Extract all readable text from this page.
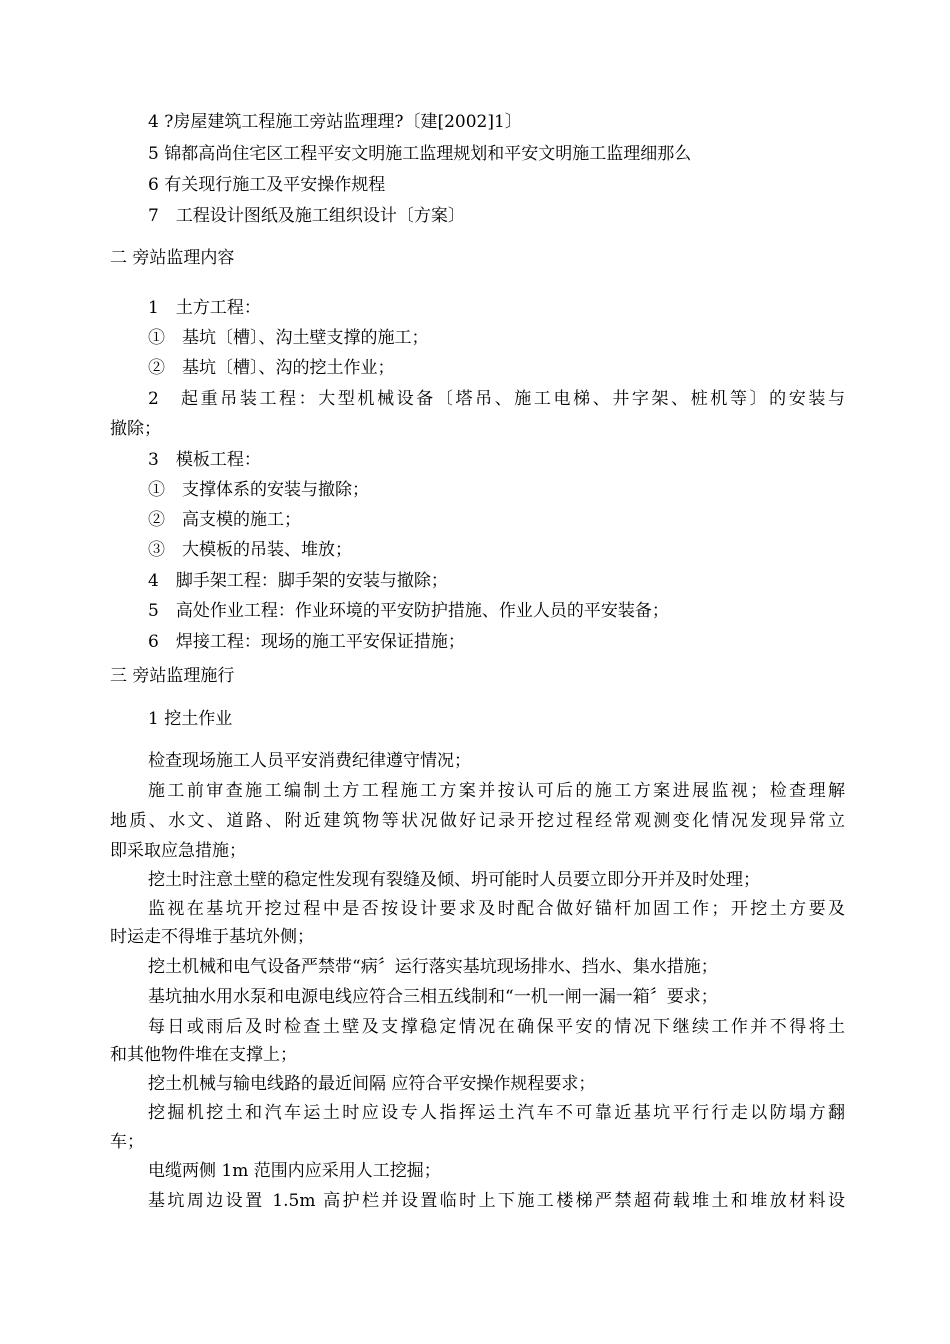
4 ?房屋建筑工程施工旁站监理理?〔建[2002]1〕
5 锦都高尚住宅区工程平安文明施工监理规划和平安文明施工监理细那么
6 有关现行施工及平安操作规程
7　工程设计图纸及施工组织设计〔方案〕
二 旁站监理内容
1　土方工程：
①　基坑〔槽〕、沟土壁支撑的施工；
②　基坑〔槽〕、沟的挖土作业；
2　起重吊装工程：大型机械设备〔塔吊、施工电梯、井字架、桩机等〕的安装与
撤除；
3　模板工程：
①　支撑体系的安装与撤除；
②　高支模的施工；
③　大模板的吊装、堆放；
4　脚手架工程：脚手架的安装与撤除；
5　高处作业工程：作业环境的平安防护措施、作业人员的平安装备；
6　焊接工程：现场的施工平安保证措施；
三 旁站监理施行
1 挖土作业
检查现场施工人员平安消费纪律遵守情况；
施工前审查施工编制土方工程施工方案并按认可后的施工方案进展监视；检查理解
地质、水文、道路、附近建筑物等状况做好记录开挖过程经常观测变化情况发现异常立
即采取应急措施；
挖土时注意土壁的稳定性发现有裂缝及倾、坍可能时人员要立即分开并及时处理；
监视在基坑开挖过程中是否按设计要求及时配合做好锚杆加固工作；开挖土方要及
时运走不得堆于基坑外侧；
挖土机械和电气设备严禁带“病〞运行落实基坑现场排水、挡水、集水措施；
基坑抽水用水泵和电源电线应符合三相五线制和“一机一闸一漏一箱〞要求；
每日或雨后及时检查土壁及支撑稳定情况在确保平安的情况下继续工作并不得将土
和其他物件堆在支撑上；
挖土机械与输电线路的最近间隔 应符合平安操作规程要求；
挖掘机挖土和汽车运土时应设专人指挥运土汽车不可靠近基坑平行行走以防塌方翻
车；
电缆两侧 1m 范围内应采用人工挖掘；
基坑周边设置 1.5m 高护栏并设置临时上下施工楼梯严禁超荷载堆土和堆放材料设
